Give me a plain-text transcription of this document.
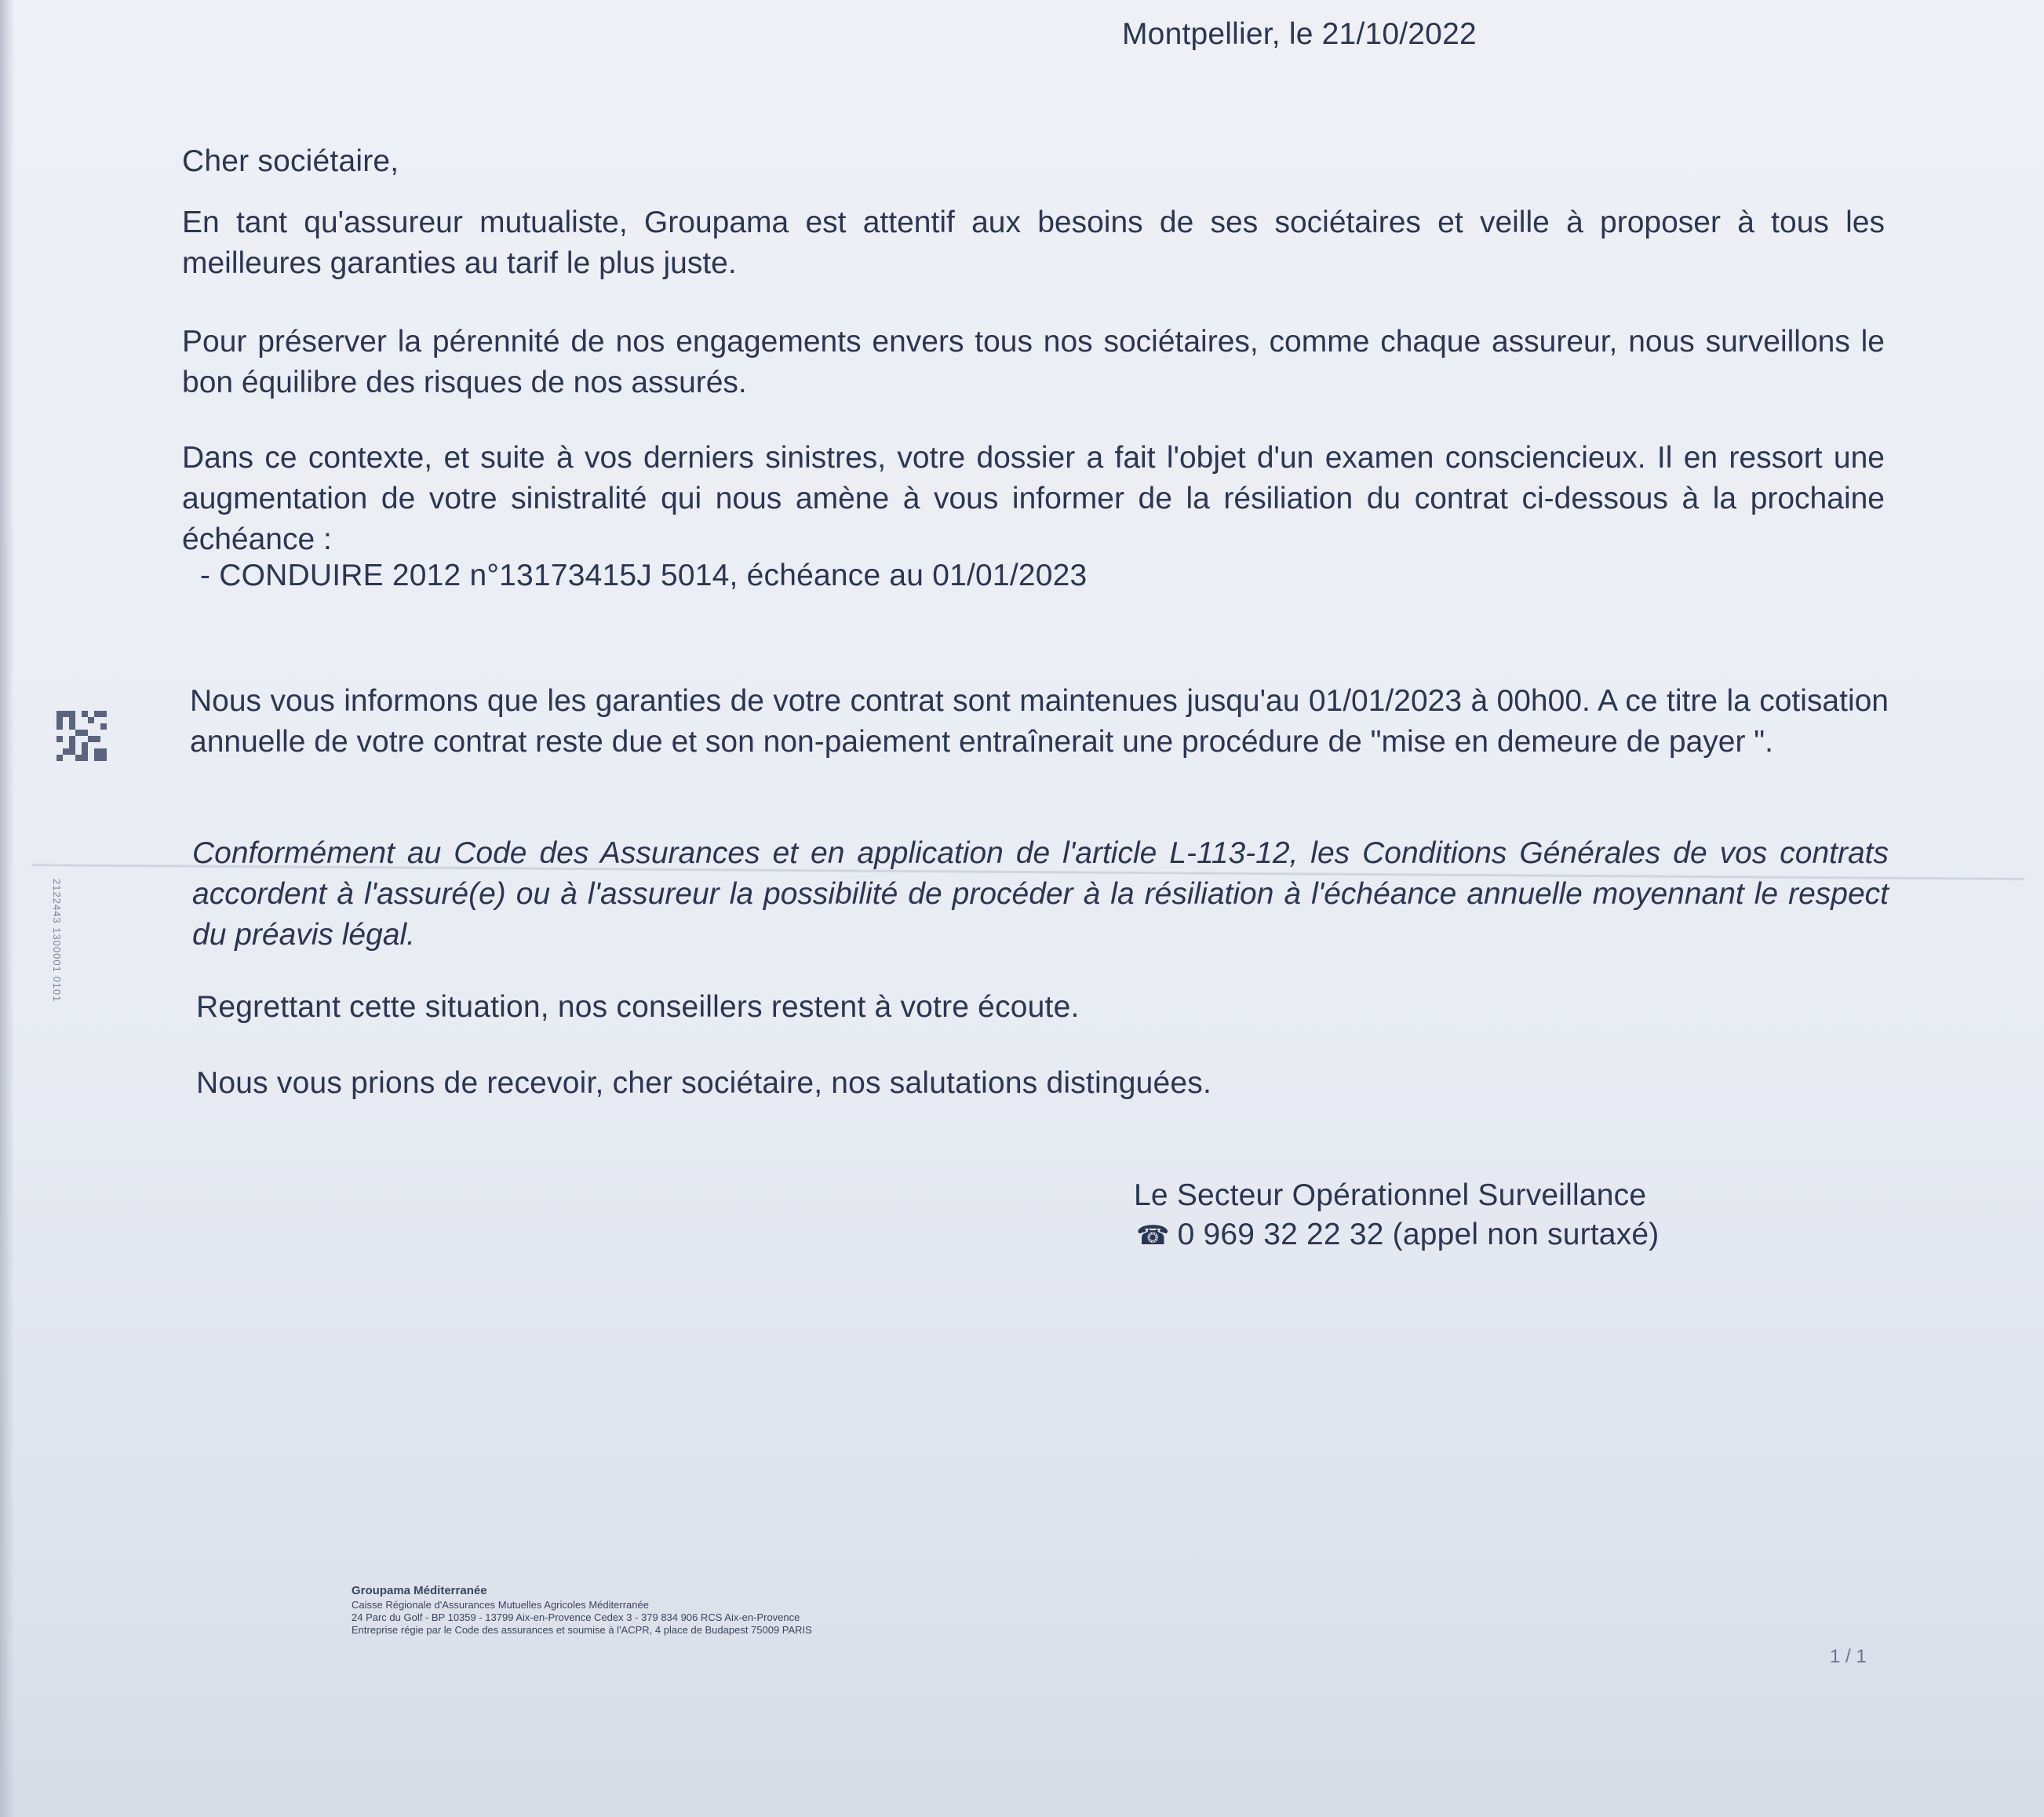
Montpellier, le 21/10/2022
Cher sociétaire,
En tant qu'assureur mutualiste, Groupama est attentif aux besoins de ses sociétaires et veille à proposer à tous les meilleures garanties au tarif le plus juste.
Pour préserver la pérennité de nos engagements envers tous nos sociétaires, comme chaque assureur, nous surveillons le bon équilibre des risques de nos assurés.
Dans ce contexte, et suite à vos derniers sinistres, votre dossier a fait l'objet d'un examen consciencieux. Il en ressort une augmentation de votre sinistralité qui nous amène à vous informer de la résiliation du contrat ci-dessous à la prochaine échéance :
- CONDUIRE 2012 n°13173415J 5014, échéance au 01/01/2023
Nous vous informons que les garanties de votre contrat sont maintenues jusqu'au 01/01/2023 à 00h00. A ce titre la cotisation annuelle de votre contrat reste due et son non-paiement entraînerait une procédure de "mise en demeure de payer ".
Conformément au Code des Assurances et en application de l'article L-113-12, les Conditions Générales de vos contrats accordent à l'assuré(e) ou à l'assureur la possibilité de procéder à la résiliation à l'échéance annuelle moyennant le respect du préavis légal.
Regrettant cette situation, nos conseillers restent à votre écoute.
Nous vous prions de recevoir, cher sociétaire, nos salutations distinguées.
Le Secteur Opérationnel Surveillance
☎ 0 969 32 22 32 (appel non surtaxé)
2122443 1300001 0101
Groupama Méditerranée
Caisse Régionale d'Assurances Mutuelles Agricoles Méditerranée
24 Parc du Golf - BP 10359 - 13799 Aix-en-Provence Cedex 3 - 379 834 906 RCS Aix-en-Provence
Entreprise régie par le Code des assurances et soumise à l'ACPR, 4 place de Budapest 75009 PARIS
1 / 1
